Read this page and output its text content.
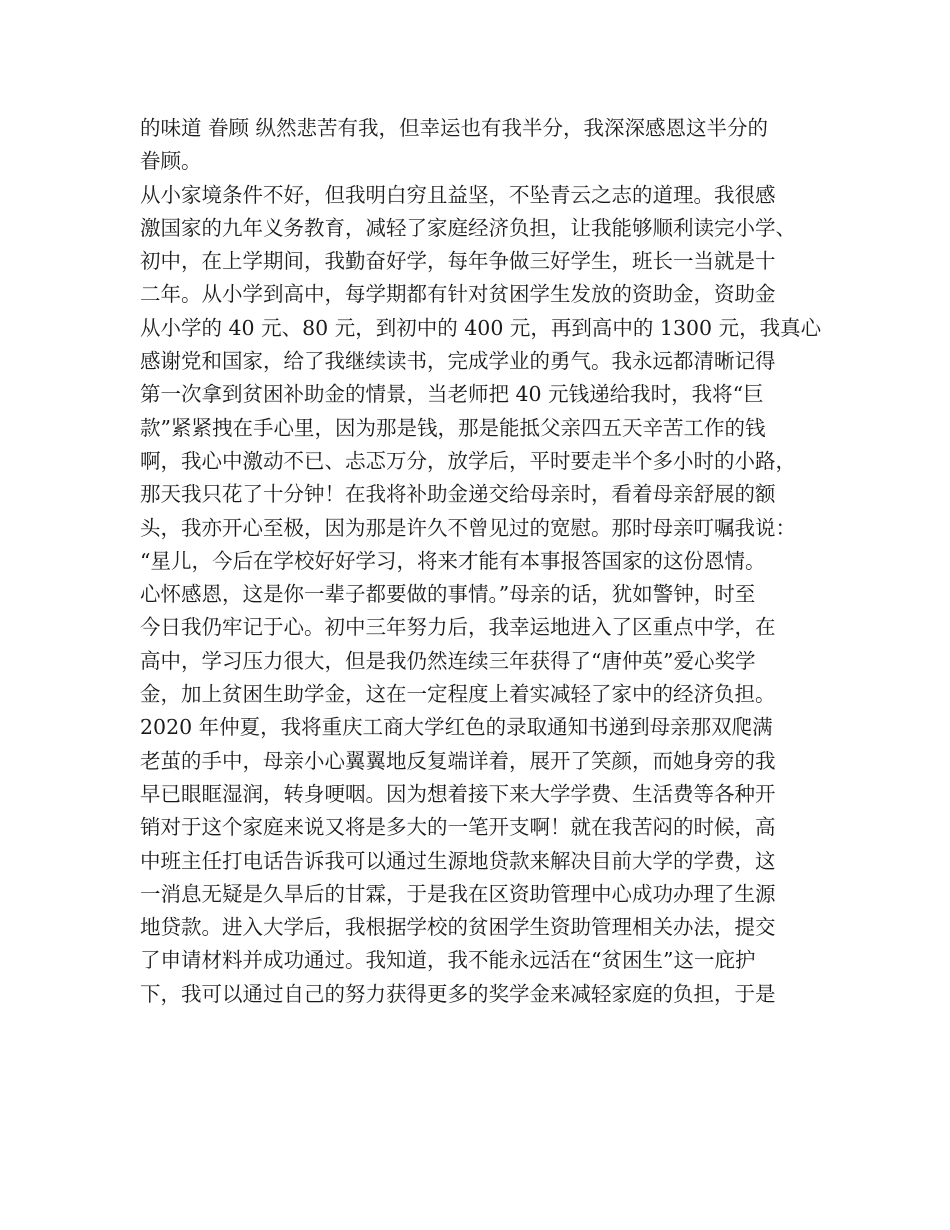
的味道 眷顾 纵然悲苦有我，但幸运也有我半分，我深深感恩这半分的
眷顾。
从小家境条件不好，但我明白穷且益坚，不坠青云之志的道理。我很感
激国家的九年义务教育，减轻了家庭经济负担，让我能够顺利读完小学、
初中，在上学期间，我勤奋好学，每年争做三好学生，班长一当就是十
二年。从小学到高中，每学期都有针对贫困学生发放的资助金，资助金
从小学的 40 元、80 元，到初中的 400 元，再到高中的 1300 元，我真心
感谢党和国家，给了我继续读书，完成学业的勇气。我永远都清晰记得
第一次拿到贫困补助金的情景，当老师把 40 元钱递给我时，我将“巨
款”紧紧拽在手心里，因为那是钱，那是能抵父亲四五天辛苦工作的钱
啊，我心中激动不已、忐忑万分，放学后，平时要走半个多小时的小路，
那天我只花了十分钟！在我将补助金递交给母亲时，看着母亲舒展的额
头，我亦开心至极，因为那是许久不曾见过的宽慰。那时母亲叮嘱我说：
“星儿，今后在学校好好学习，将来才能有本事报答国家的这份恩情。
心怀感恩，这是你一辈子都要做的事情。”母亲的话，犹如警钟，时至
今日我仍牢记于心。初中三年努力后，我幸运地进入了区重点中学，在
高中，学习压力很大，但是我仍然连续三年获得了“唐仲英”爱心奖学
金，加上贫困生助学金，这在一定程度上着实减轻了家中的经济负担。
2020 年仲夏，我将重庆工商大学红色的录取通知书递到母亲那双爬满
老茧的手中，母亲小心翼翼地反复端详着，展开了笑颜，而她身旁的我
早已眼眶湿润，转身哽咽。因为想着接下来大学学费、生活费等各种开
销对于这个家庭来说又将是多大的一笔开支啊！就在我苦闷的时候，高
中班主任打电话告诉我可以通过生源地贷款来解决目前大学的学费，这
一消息无疑是久旱后的甘霖，于是我在区资助管理中心成功办理了生源
地贷款。进入大学后，我根据学校的贫困学生资助管理相关办法，提交
了申请材料并成功通过。我知道，我不能永远活在“贫困生”这一庇护
下，我可以通过自己的努力获得更多的奖学金来减轻家庭的负担，于是
